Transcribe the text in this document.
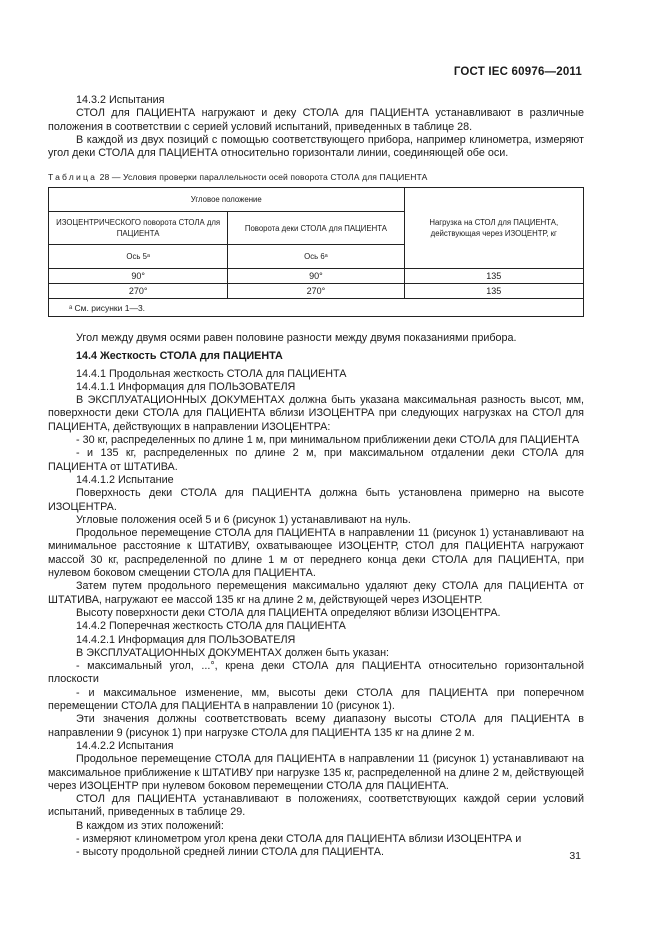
ГОСТ IEC 60976—2011

14.3.2 Испытания

СТОЛ для ПАЦИЕНТА нагружают и деку СТОЛА для ПАЦИЕНТА устанавливают в различные положения в соответствии с серией условий испытаний, приведенных в таблице 28.

В каждой из двух позиций с помощью соответствующего прибора, например клинометра, измеряют угол деки СТОЛА для ПАЦИЕНТА относительно горизонтали линии, соединяющей обе оси.

Таблица 28 — Условия проверки параллельности осей поворота СТОЛА для ПАЦИЕНТА
Угловое положение		Нагрузка на СТОЛ для ПАЦИЕНТА, действующая через ИЗОЦЕНТР, кг
ИЗОЦЕНТРИЧЕСКОГО поворота СТОЛА для ПАЦИЕНТА	Поворота деки СТОЛА для ПАЦИЕНТА	
Ось 5ᵃ	Ось 6ᵃ	
90°	90°	135
270°	270°	135
ᵃ См. рисунки 1—3.		

Угол между двумя осями равен половине разности между двумя показаниями прибора.

14.4 Жесткость СТОЛА для ПАЦИЕНТА

14.4.1 Продольная жесткость СТОЛА для ПАЦИЕНТА

14.4.1.1 Информация для ПОЛЬЗОВАТЕЛЯ

В ЭКСПЛУАТАЦИОННЫХ ДОКУМЕНТАХ должна быть указана максимальная разность высот, мм, поверхности деки СТОЛА для ПАЦИЕНТА вблизи ИЗОЦЕНТРА при следующих нагрузках на СТОЛ для ПАЦИЕНТА, действующих в направлении ИЗОЦЕНТРА:

- 30 кг, распределенных по длине 1 м, при минимальном приближении деки СТОЛА для ПАЦИЕНТА

- и 135 кг, распределенных по длине 2 м, при максимальном отдалении деки СТОЛА для ПАЦИЕНТА от ШТАТИВА.

14.4.1.2 Испытание

Поверхность деки СТОЛА для ПАЦИЕНТА должна быть установлена примерно на высоте ИЗОЦЕНТРА.

Угловые положения осей 5 и 6 (рисунок 1) устанавливают на нуль.

Продольное перемещение СТОЛА для ПАЦИЕНТА в направлении 11 (рисунок 1) устанавливают на минимальное расстояние к ШТАТИВУ, охватывающее ИЗОЦЕНТР, СТОЛ для ПАЦИЕНТА нагружают массой 30 кг, распределенной по длине 1 м от переднего конца деки СТОЛА для ПАЦИЕНТА, при нулевом боковом смещении СТОЛА для ПАЦИЕНТА.

Затем путем продольного перемещения максимально удаляют деку СТОЛА для ПАЦИЕНТА от ШТАТИВА, нагружают ее массой 135 кг на длине 2 м, действующей через ИЗОЦЕНТР.

Высоту поверхности деки СТОЛА для ПАЦИЕНТА определяют вблизи ИЗОЦЕНТРА.

14.4.2 Поперечная жесткость СТОЛА для ПАЦИЕНТА

14.4.2.1 Информация для ПОЛЬЗОВАТЕЛЯ

В ЭКСПЛУАТАЦИОННЫХ ДОКУМЕНТАХ должен быть указан:

- максимальный угол, ...°, крена деки СТОЛА для ПАЦИЕНТА относительно горизонтальной плоскости

- и максимальное изменение, мм, высоты деки СТОЛА для ПАЦИЕНТА при поперечном перемещении СТОЛА для ПАЦИЕНТА в направлении 10 (рисунок 1).

Эти значения должны соответствовать всему диапазону высоты СТОЛА для ПАЦИЕНТА в направлении 9 (рисунок 1) при нагрузке СТОЛА для ПАЦИЕНТА 135 кг на длине 2 м.

14.4.2.2 Испытания

Продольное перемещение СТОЛА для ПАЦИЕНТА в направлении 11 (рисунок 1) устанавливают на максимальное приближение к ШТАТИВУ при нагрузке 135 кг, распределенной на длине 2 м, действующей через ИЗОЦЕНТР при нулевом боковом перемещении СТОЛА для ПАЦИЕНТА.

СТОЛ для ПАЦИЕНТА устанавливают в положениях, соответствующих каждой серии условий испытаний, приведенных в таблице 29.

В каждом из этих положений:

- измеряют клинометром угол крена деки СТОЛА для ПАЦИЕНТА вблизи ИЗОЦЕНТРА и

- высоту продольной средней линии СТОЛА для ПАЦИЕНТА.	31
